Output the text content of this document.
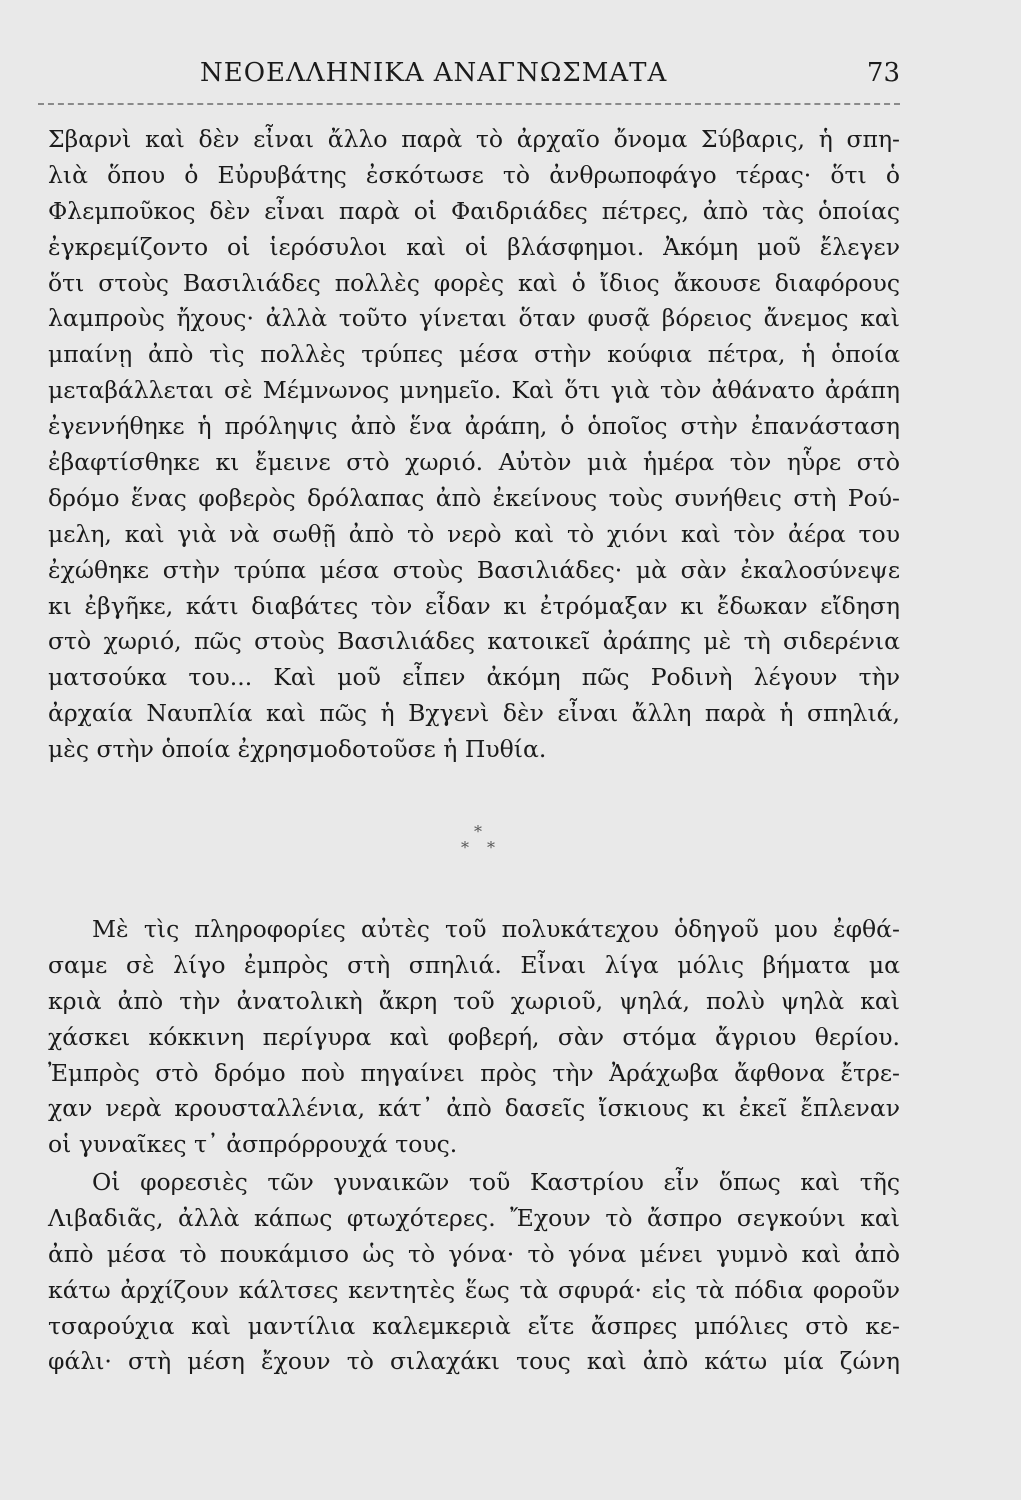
ΝΕΟΕΛΛΗΝΙΚΑ ΑΝΑΓΝΩΣΜΑΤΑ	73
Σβαρνὶ καὶ δὲν εἶναι ἄλλο παρὰ τὸ ἀρχαῖο ὄνομα Σύβαρις, ἡ σπη-
λιὰ ὅπου ὁ Εὐρυβάτης ἐσκότωσε τὸ ἀνθρωποφάγο τέρας· ὅτι ὁ
Φλεμποῦκος δὲν εἶναι παρὰ οἱ Φαιδριάδες πέτρες, ἀπὸ τὰς ὁποίας
ἐγκρεμίζοντο οἱ ἱερόσυλοι καὶ οἱ βλάσφημοι. Ἀκόμη μοῦ ἔλεγεν
ὅτι στοὺς Βασιλιάδες πολλὲς φορὲς καὶ ὁ ἴδιος ἄκουσε διαφόρους
λαμπροὺς ἤχους· ἀλλὰ τοῦτο γίνεται ὅταν φυσᾷ βόρειος ἄνεμος καὶ
μπαίνῃ ἀπὸ τὶς πολλὲς τρύπες μέσα στὴν κούφια πέτρα, ἡ ὁποία
μεταβάλλεται σὲ Μέμνωνος μνημεῖο. Καὶ ὅτι γιὰ τὸν ἀθάνατο ἀράπη
ἐγεννήθηκε ἡ πρόληψις ἀπὸ ἕνα ἀράπη, ὁ ὁποῖος στὴν ἐπανάσταση
ἐβαφτίσθηκε κι ἔμεινε στὸ χωριό. Αὐτὸν μιὰ ἡμέρα τὸν ηὗρε στὸ
δρόμο ἕνας φοβερὸς δρόλαπας ἀπὸ ἐκείνους τοὺς συνήθεις στὴ Ρού-
μελη, καὶ γιὰ νὰ σωθῇ ἀπὸ τὸ νερὸ καὶ τὸ χιόνι καὶ τὸν ἀέρα του
ἐχώθηκε στὴν τρύπα μέσα στοὺς Βασιλιάδες· μὰ σὰν ἐκαλοσύνεψε
κι ἐβγῆκε, κάτι διαβάτες τὸν εἶδαν κι ἐτρόμαξαν κι ἔδωκαν εἴδηση
στὸ χωριό, πῶς στοὺς Βασιλιάδες κατοικεῖ ἀράπης μὲ τὴ σιδερένια
ματσούκα του... Καὶ μοῦ εἶπεν ἀκόμη πῶς Ροδινὴ λέγουν τὴν
ἀρχαία Ναυπλία καὶ πῶς ἡ Βχγενὶ δὲν εἶναι ἄλλη παρὰ ἡ σπηλιά,
μὲς στὴν ὁποία ἐχρησμοδοτοῦσε ἡ Πυθία.
*
* *
Μὲ τὶς πληροφορίες αὐτὲς τοῦ πολυκάτεχου ὁδηγοῦ μου ἐφθά-
σαμε σὲ λίγο ἐμπρὸς στὴ σπηλιά. Εἶναι λίγα μόλις βήματα μα
κριὰ ἀπὸ τὴν ἀνατολικὴ ἄκρη τοῦ χωριοῦ, ψηλά, πολὺ ψηλὰ καὶ
χάσκει κόκκινη περίγυρα καὶ φοβερή, σὰν στόμα ἄγριου θερίου.
Ἐμπρὸς στὸ δρόμο ποὺ πηγαίνει πρὸς τὴν Ἀράχωβα ἄφθονα ἔτρε-
χαν νερὰ κρουσταλλένια, κάτ᾽ ἀπὸ δασεῖς ἴσκιους κι ἐκεῖ ἔπλεναν
οἱ γυναῖκες τ᾽ ἀσπρόρρουχά τους.
Οἱ φορεσιὲς τῶν γυναικῶν τοῦ Καστρίου εἶν ὅπως καὶ τῆς
Λιβαδιᾶς, ἀλλὰ κάπως φτωχότερες. Ἔχουν τὸ ἄσπρο σεγκούνι καὶ
ἀπὸ μέσα τὸ πουκάμισο ὡς τὸ γόνα· τὸ γόνα μένει γυμνὸ καὶ ἀπὸ
κάτω ἀρχίζουν κάλτσες κεντητὲς ἕως τὰ σφυρά· εἰς τὰ πόδια φοροῦν
τσαρούχια καὶ μαντίλια καλεμκεριὰ εἴτε ἄσπρες μπόλιες στὸ κε-
φάλι· στὴ μέση ἔχουν τὸ σιλαχάκι τους καὶ ἀπὸ κάτω μία ζώνη
